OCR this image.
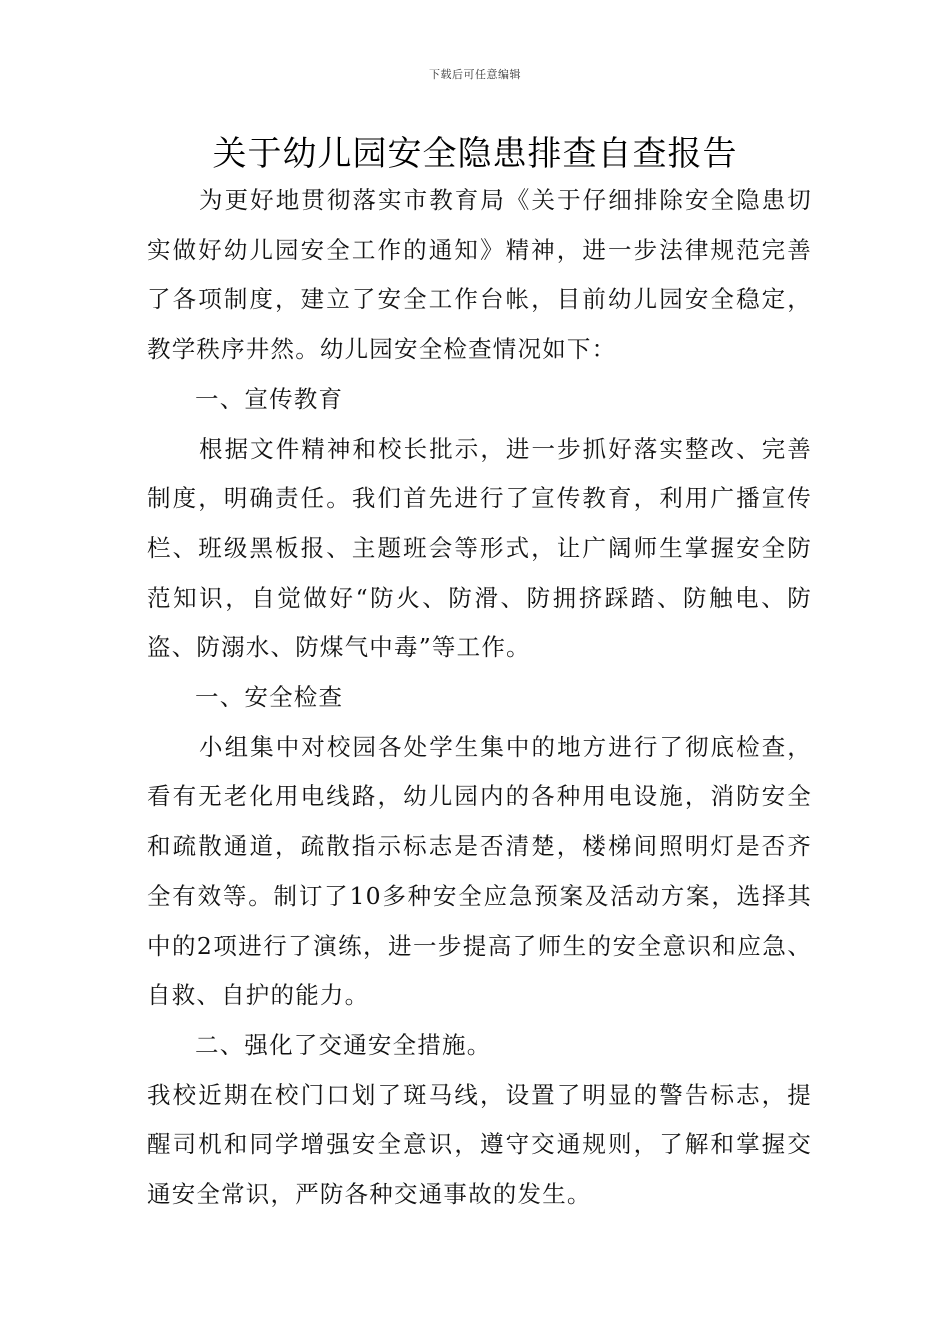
下载后可任意编辑
关于幼儿园安全隐患排查自查报告

为更好地贯彻落实市教育局《关于仔细排除安全隐患切实做好幼儿园安全工作的通知》精神，进一步法律规范完善了各项制度，建立了安全工作台帐，目前幼儿园安全稳定，教学秩序井然。幼儿园安全检查情况如下：

一、宣传教育

根据文件精神和校长批示，进一步抓好落实整改、完善制度，明确责任。我们首先进行了宣传教育，利用广播宣传栏、班级黑板报、主题班会等形式，让广阔师生掌握安全防范知识，自觉做好“防火、防滑、防拥挤踩踏、防触电、防盗、防溺水、防煤气中毒”等工作。

一、安全检查

小组集中对校园各处学生集中的地方进行了彻底检查，看有无老化用电线路，幼儿园内的各种用电设施，消防安全和疏散通道，疏散指示标志是否清楚，楼梯间照明灯是否齐全有效等。制订了10多种安全应急预案及活动方案，选择其中的2项进行了演练，进一步提高了师生的安全意识和应急、自救、自护的能力。

二、强化了交通安全措施。

我校近期在校门口划了斑马线，设置了明显的警告标志，提醒司机和同学增强安全意识，遵守交通规则，了解和掌握交通安全常识，严防各种交通事故的发生。
